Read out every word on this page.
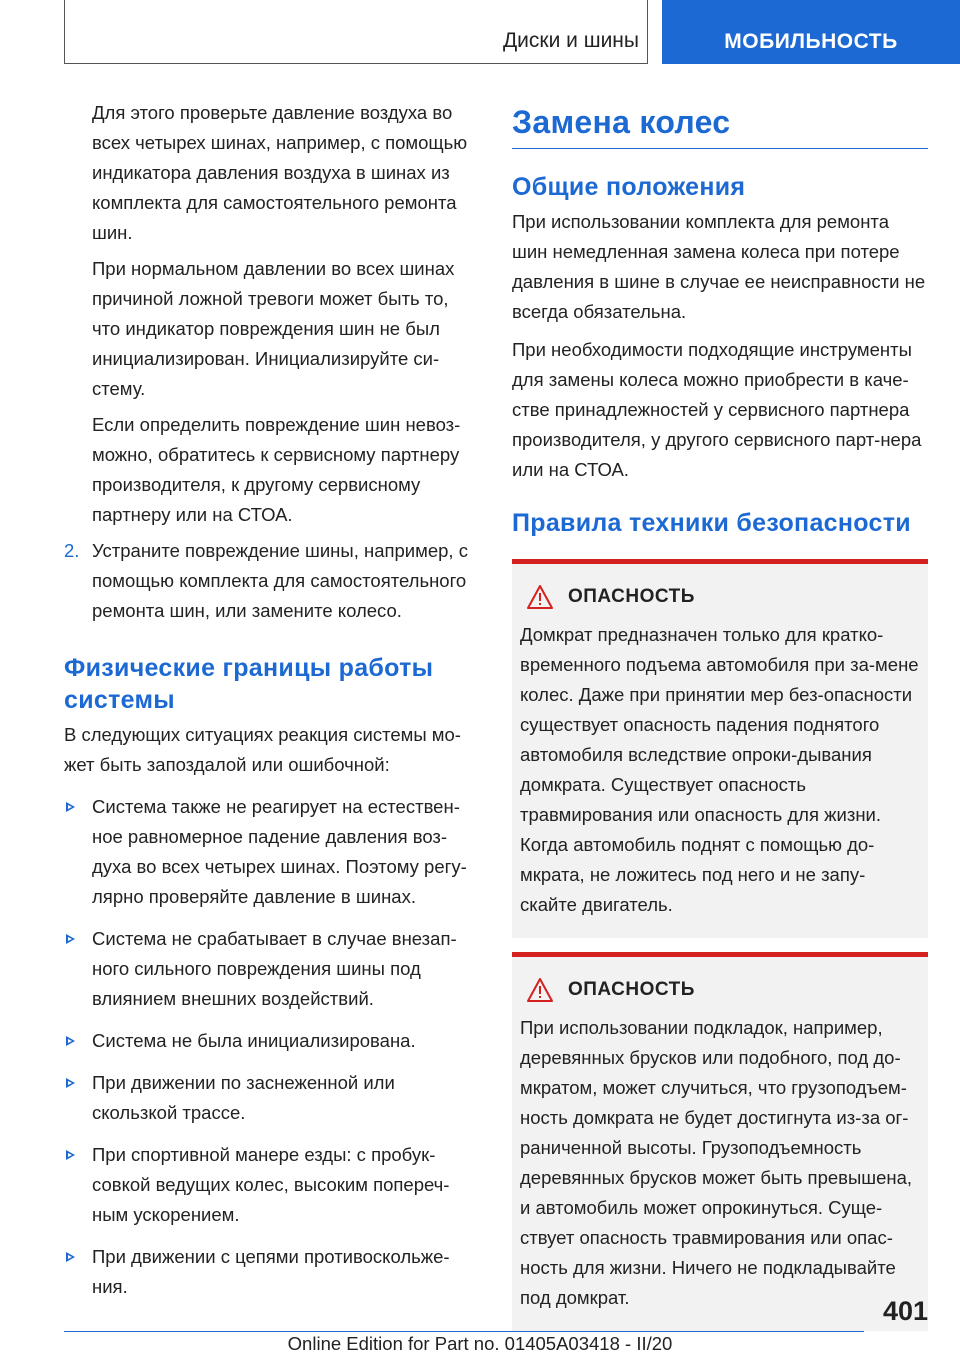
Диски и шины	МОБИЛЬНОСТЬ

Для этого проверьте давление воздуха во всех четырех шинах, например, с помощью индикатора давления воздуха в шинах из комплекта для самостоятельного ремонта шин.

При нормальном давлении во всех шинах причиной ложной тревоги может быть то, что индикатор повреждения шин не был инициализирован. Инициализируйте си-стему.

Если определить повреждение шин невоз-можно, обратитесь к сервисному партнеру производителя, к другому сервисному партнеру или на СТОА.

2. Устраните повреждение шины, например, с помощью комплекта для самостоятельного ремонта шин, или замените колесо.

Физические границы работы системы

В следующих ситуациях реакция системы мо-жет быть запоздалой или ошибочной:

Система также не реагирует на естествен-ное равномерное падение давления воз-духа во всех четырех шинах. Поэтому регу-лярно проверяйте давление в шинах.

Система не срабатывает в случае внезап-ного сильного повреждения шины под влиянием внешних воздействий.

Система не была инициализирована.

При движении по заснеженной или скользкой трассе.

При спортивной манере езды: с пробук-совкой ведущих колес, высоким попереч-ным ускорением.

При движении с цепями противоскольже-ния.

Замена колес
Общие положения

При использовании комплекта для ремонта шин немедленная замена колеса при потере давления в шине в случае ее неисправности не всегда обязательна.

При необходимости подходящие инструменты для замены колеса можно приобрести в каче-стве принадлежностей у сервисного партнера производителя, у другого сервисного парт-нера или на СТОА.

Правила техники безопасности
ОПАСНОСТЬ

Домкрат предназначен только для кратко-временного подъема автомобиля при за-мене колес. Даже при принятии мер без-опасности существует опасность падения поднятого автомобиля вследствие опроки-дывания домкрата. Существует опасность травмирования или опасность для жизни. Когда автомобиль поднят с помощью до-мкрата, не ложитесь под него и не запу-скайте двигатель.

ОПАСНОСТЬ

При использовании подкладок, например, деревянных брусков или подобного, под до-мкратом, может случиться, что грузоподъем-ность домкрата не будет достигнута из-за ог-раниченной высоты. Грузоподъемность деревянных брусков может быть превышена, и автомобиль может опрокинуться. Суще-ствует опасность травмирования или опас-ность для жизни. Ничего не подкладывайте под домкрат.	401
Online Edition for Part no. 01405A03418 - II/20
